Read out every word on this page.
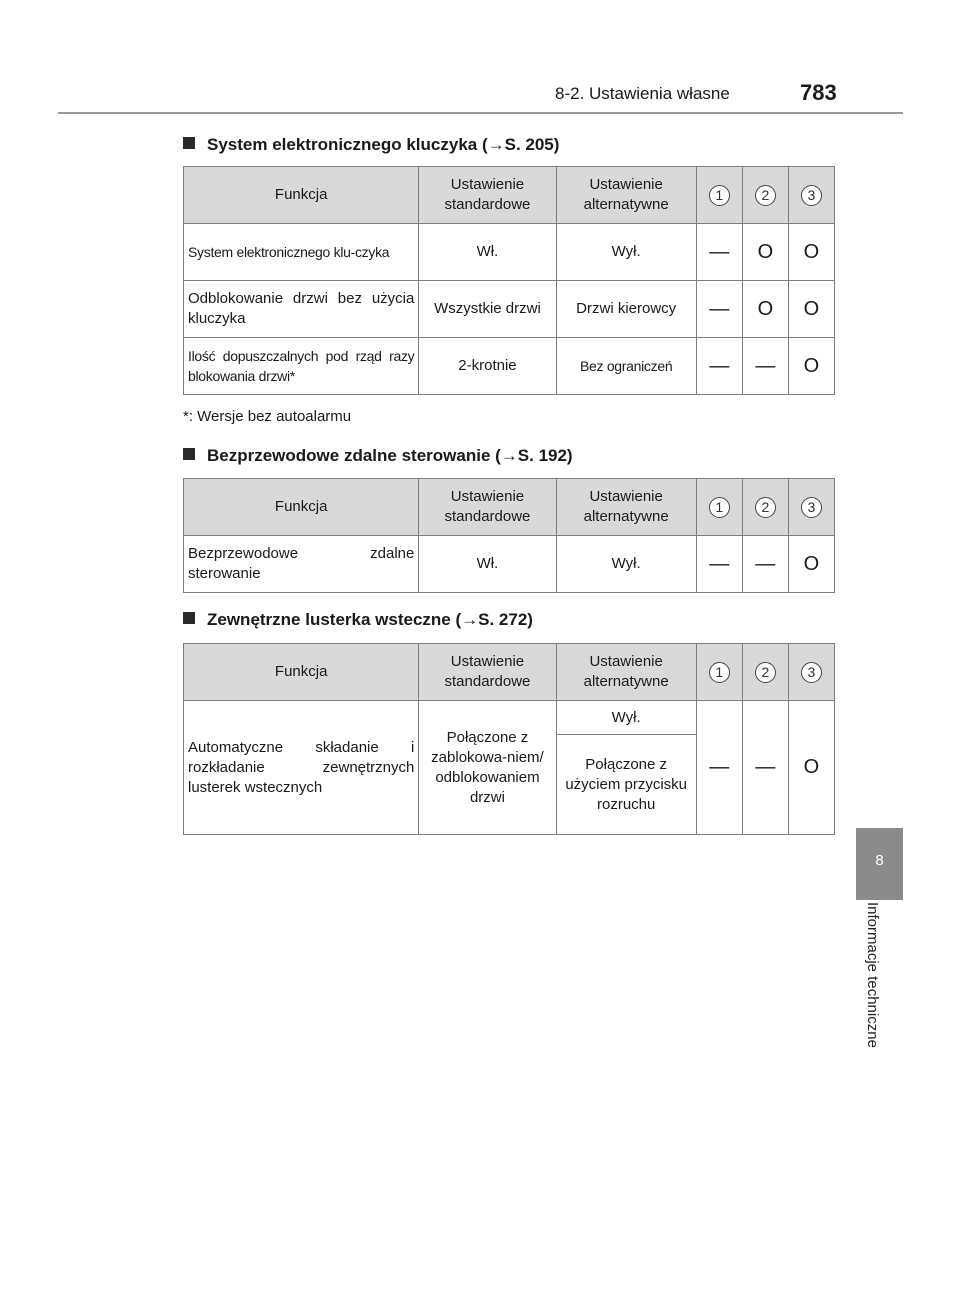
8-2. Ustawienia własne	783
8
Informacje techniczne
System elektronicznego kluczyka (→S. 205)
Funkcja	Ustawienie standardowe	Ustawienie alternatywne	1	2	3
System elektronicznego klu-czyka	Wł.	Wył.	—	O	O
Odblokowanie drzwi bez użycia kluczyka	Wszystkie drzwi	Drzwi kierowcy	—	O	O
Ilość dopuszczalnych pod rząd razy blokowania drzwi*	2-krotnie	Bez ograniczeń	—	—	O
*: Wersje bez autoalarmu
Bezprzewodowe zdalne sterowanie (→S. 192)
Funkcja	Ustawienie standardowe	Ustawienie alternatywne	1	2	3
Bezprzewodowe zdalne sterowanie	Wł.	Wył.	—	—	O
Zewnętrzne lusterka wsteczne (→S. 272)
Funkcja	Ustawienie standardowe	Ustawienie alternatywne	1	2	3
Automatyczne składanie i rozkładanie zewnętrznych lusterek wstecznych	Połączone z zablokowa-niem/ odblokowaniem drzwi	Wył.	—	—	O
		Połączone z użyciem przycisku rozruchu			
